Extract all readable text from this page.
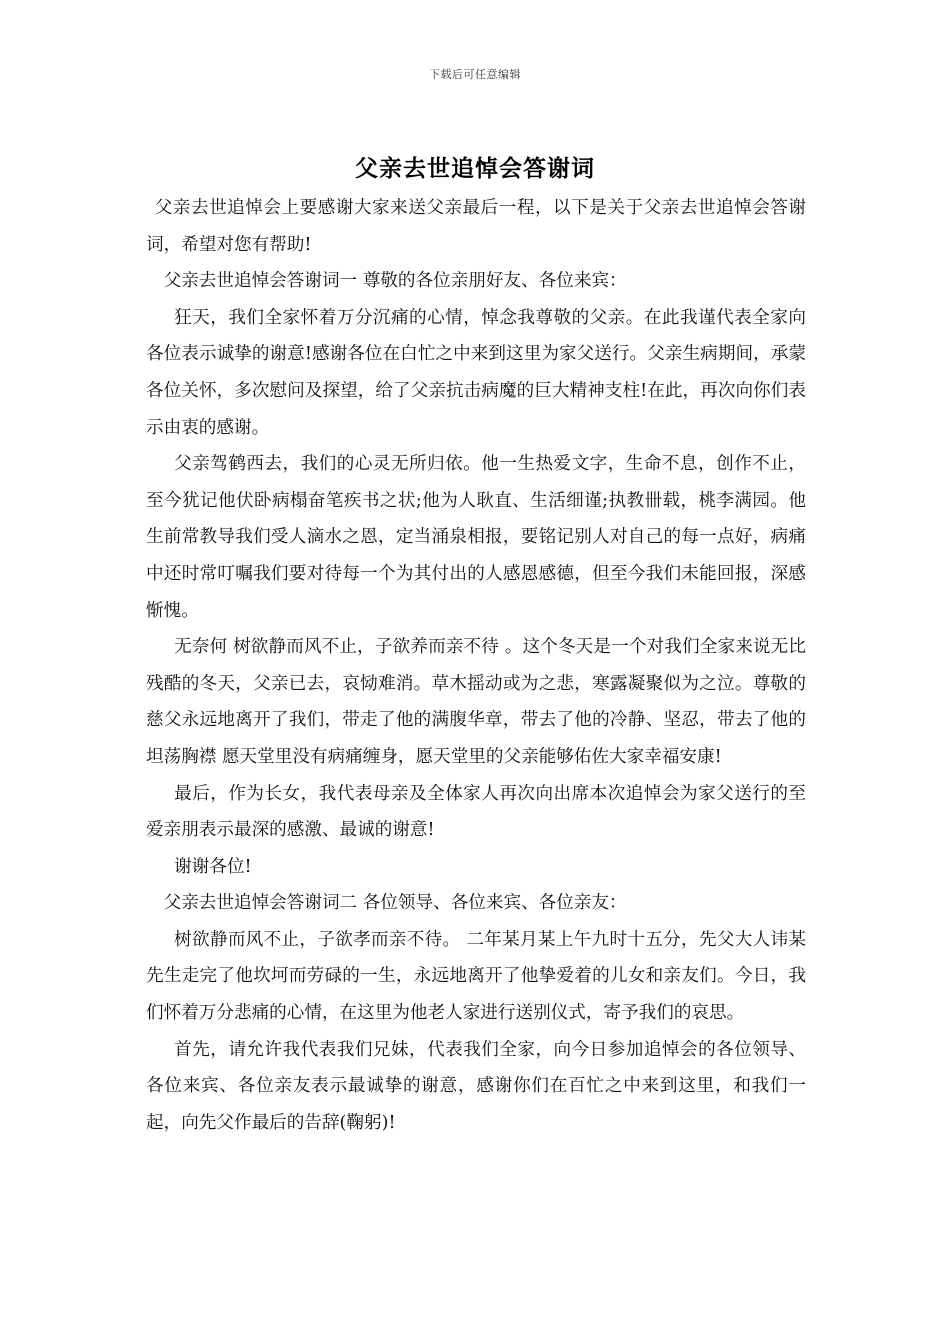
下载后可任意编辑
父亲去世追悼会答谢词

父亲去世追悼会上要感谢大家来送父亲最后一程，以下是关于父亲去世追悼会答谢词，希望对您有帮助!

父亲去世追悼会答谢词一 尊敬的各位亲朋好友、各位来宾：

狂天，我们全家怀着万分沉痛的心情，悼念我尊敬的父亲。在此我谨代表全家向各位表示诚挚的谢意!感谢各位在白忙之中来到这里为家父送行。父亲生病期间，承蒙各位关怀，多次慰问及探望，给了父亲抗击病魔的巨大精神支柱!在此，再次向你们表示由衷的感谢。

父亲驾鹤西去，我们的心灵无所归依。他一生热爱文字，生命不息，创作不止，至今犹记他伏卧病榻奋笔疾书之状;他为人耿直、生活细谨;执教卌载，桃李满园。他生前常教导我们受人滴水之恩，定当涌泉相报，要铭记别人对自己的每一点好，病痛中还时常叮嘱我们要对待每一个为其付出的人感恩感德，但至今我们未能回报，深感惭愧。

无奈何 树欲静而风不止，子欲养而亲不待 。这个冬天是一个对我们全家来说无比残酷的冬天，父亲已去，哀恸难消。草木摇动或为之悲，寒露凝聚似为之泣。尊敬的慈父永远地离开了我们，带走了他的满腹华章，带去了他的冷静、坚忍，带去了他的坦荡胸襟 愿天堂里没有病痛缠身，愿天堂里的父亲能够佑佐大家幸福安康!

最后，作为长女，我代表母亲及全体家人再次向出席本次追悼会为家父送行的至爱亲朋表示最深的感激、最诚的谢意!

谢谢各位!

父亲去世追悼会答谢词二 各位领导、各位来宾、各位亲友：

树欲静而风不止，子欲孝而亲不待。 二年某月某上午九时十五分，先父大人讳某先生走完了他坎坷而劳碌的一生，永远地离开了他挚爱着的儿女和亲友们。今日，我们怀着万分悲痛的心情，在这里为他老人家进行送别仪式，寄予我们的哀思。

首先，请允许我代表我们兄妹，代表我们全家，向今日参加追悼会的各位领导、各位来宾、各位亲友表示最诚挚的谢意，感谢你们在百忙之中来到这里，和我们一起，向先父作最后的告辞(鞠躬)!
